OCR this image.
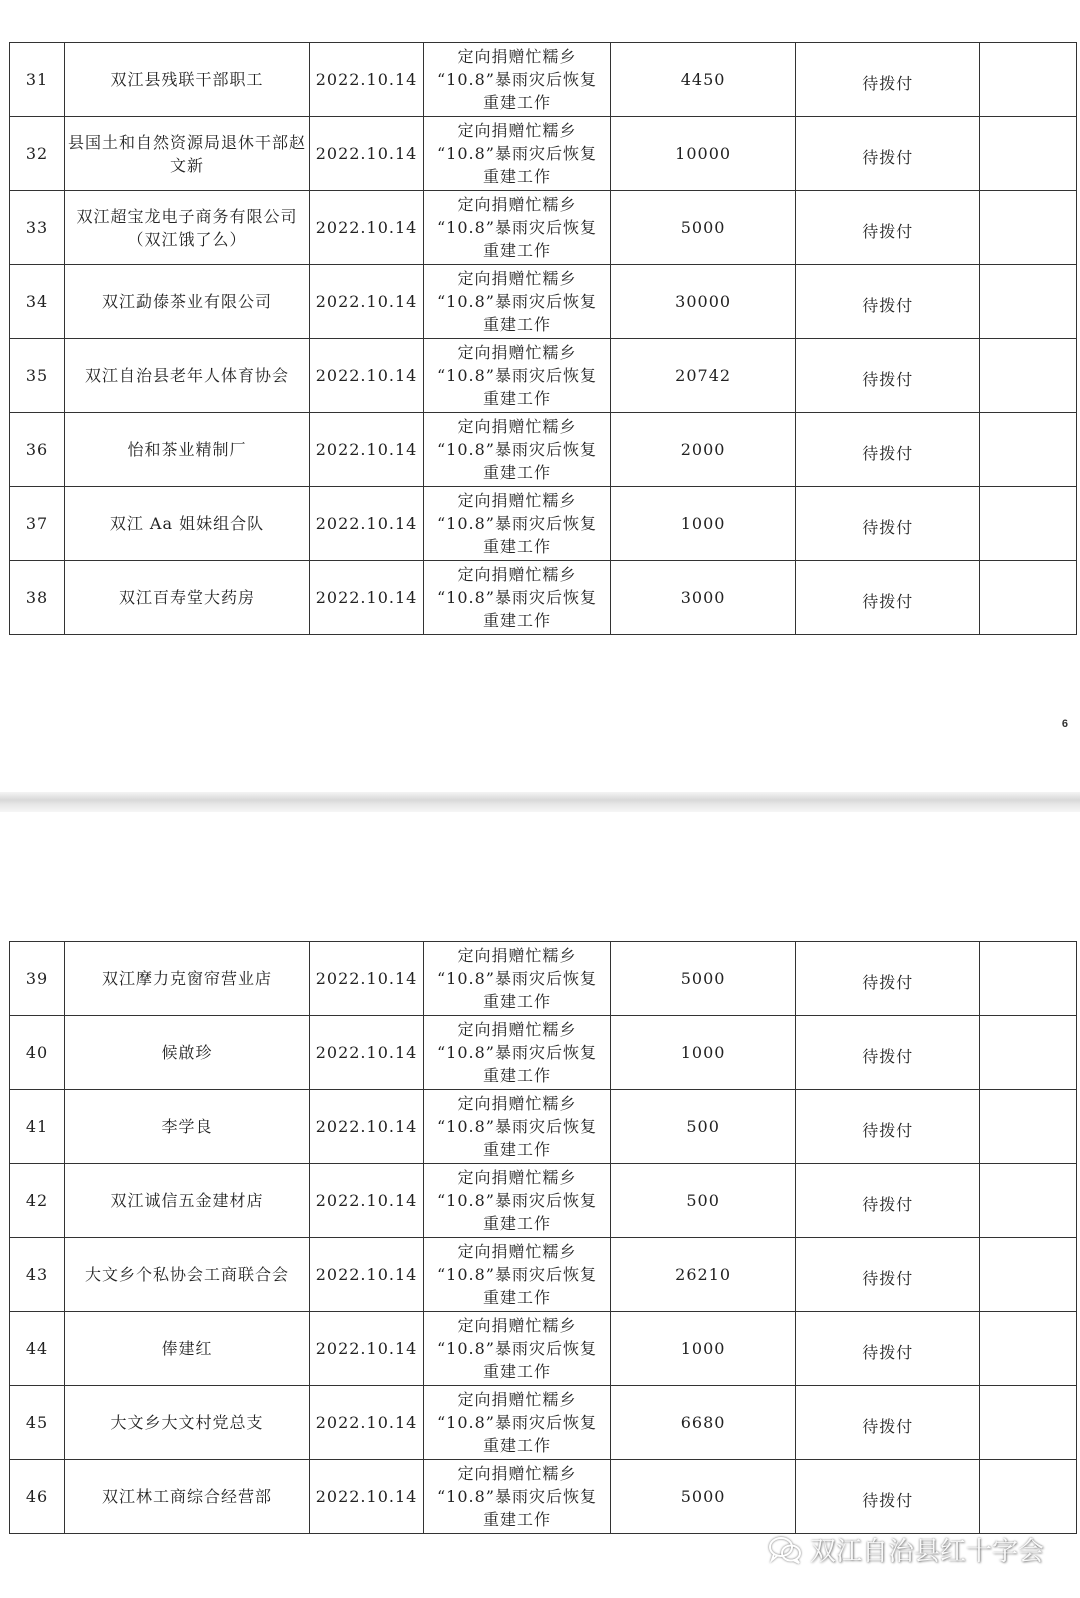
31	双江县残联干部职工	2022.10.14	定向捐赠忙糯乡
“10.8”暴雨灾后恢复
重建工作	4450	待拨付	
32	县国土和自然资源局退休干部赵文新	2022.10.14	定向捐赠忙糯乡
“10.8”暴雨灾后恢复
重建工作	10000	待拨付	
33	双江超宝龙电子商务有限公司（双江饿了么）	2022.10.14	定向捐赠忙糯乡
“10.8”暴雨灾后恢复
重建工作	5000	待拨付	
34	双江勐傣茶业有限公司	2022.10.14	定向捐赠忙糯乡
“10.8”暴雨灾后恢复
重建工作	30000	待拨付	
35	双江自治县老年人体育协会	2022.10.14	定向捐赠忙糯乡
“10.8”暴雨灾后恢复
重建工作	20742	待拨付	
36	怡和茶业精制厂	2022.10.14	定向捐赠忙糯乡
“10.8”暴雨灾后恢复
重建工作	2000	待拨付	
37	双江 Aa 姐妹组合队	2022.10.14	定向捐赠忙糯乡
“10.8”暴雨灾后恢复
重建工作	1000	待拨付	
38	双江百寿堂大药房	2022.10.14	定向捐赠忙糯乡
“10.8”暴雨灾后恢复
重建工作	3000	待拨付	
6
39	双江摩力克窗帘营业店	2022.10.14	定向捐赠忙糯乡
“10.8”暴雨灾后恢复
重建工作	5000	待拨付	
40	候啟珍	2022.10.14	定向捐赠忙糯乡
“10.8”暴雨灾后恢复
重建工作	1000	待拨付	
41	李学良	2022.10.14	定向捐赠忙糯乡
“10.8”暴雨灾后恢复
重建工作	500	待拨付	
42	双江诚信五金建材店	2022.10.14	定向捐赠忙糯乡
“10.8”暴雨灾后恢复
重建工作	500	待拨付	
43	大文乡个私协会工商联合会	2022.10.14	定向捐赠忙糯乡
“10.8”暴雨灾后恢复
重建工作	26210	待拨付	
44	俸建红	2022.10.14	定向捐赠忙糯乡
“10.8”暴雨灾后恢复
重建工作	1000	待拨付	
45	大文乡大文村党总支	2022.10.14	定向捐赠忙糯乡
“10.8”暴雨灾后恢复
重建工作	6680	待拨付	
46	双江林工商综合经营部	2022.10.14	定向捐赠忙糯乡
“10.8”暴雨灾后恢复
重建工作	5000	待拨付	
双江自治县红十字会
